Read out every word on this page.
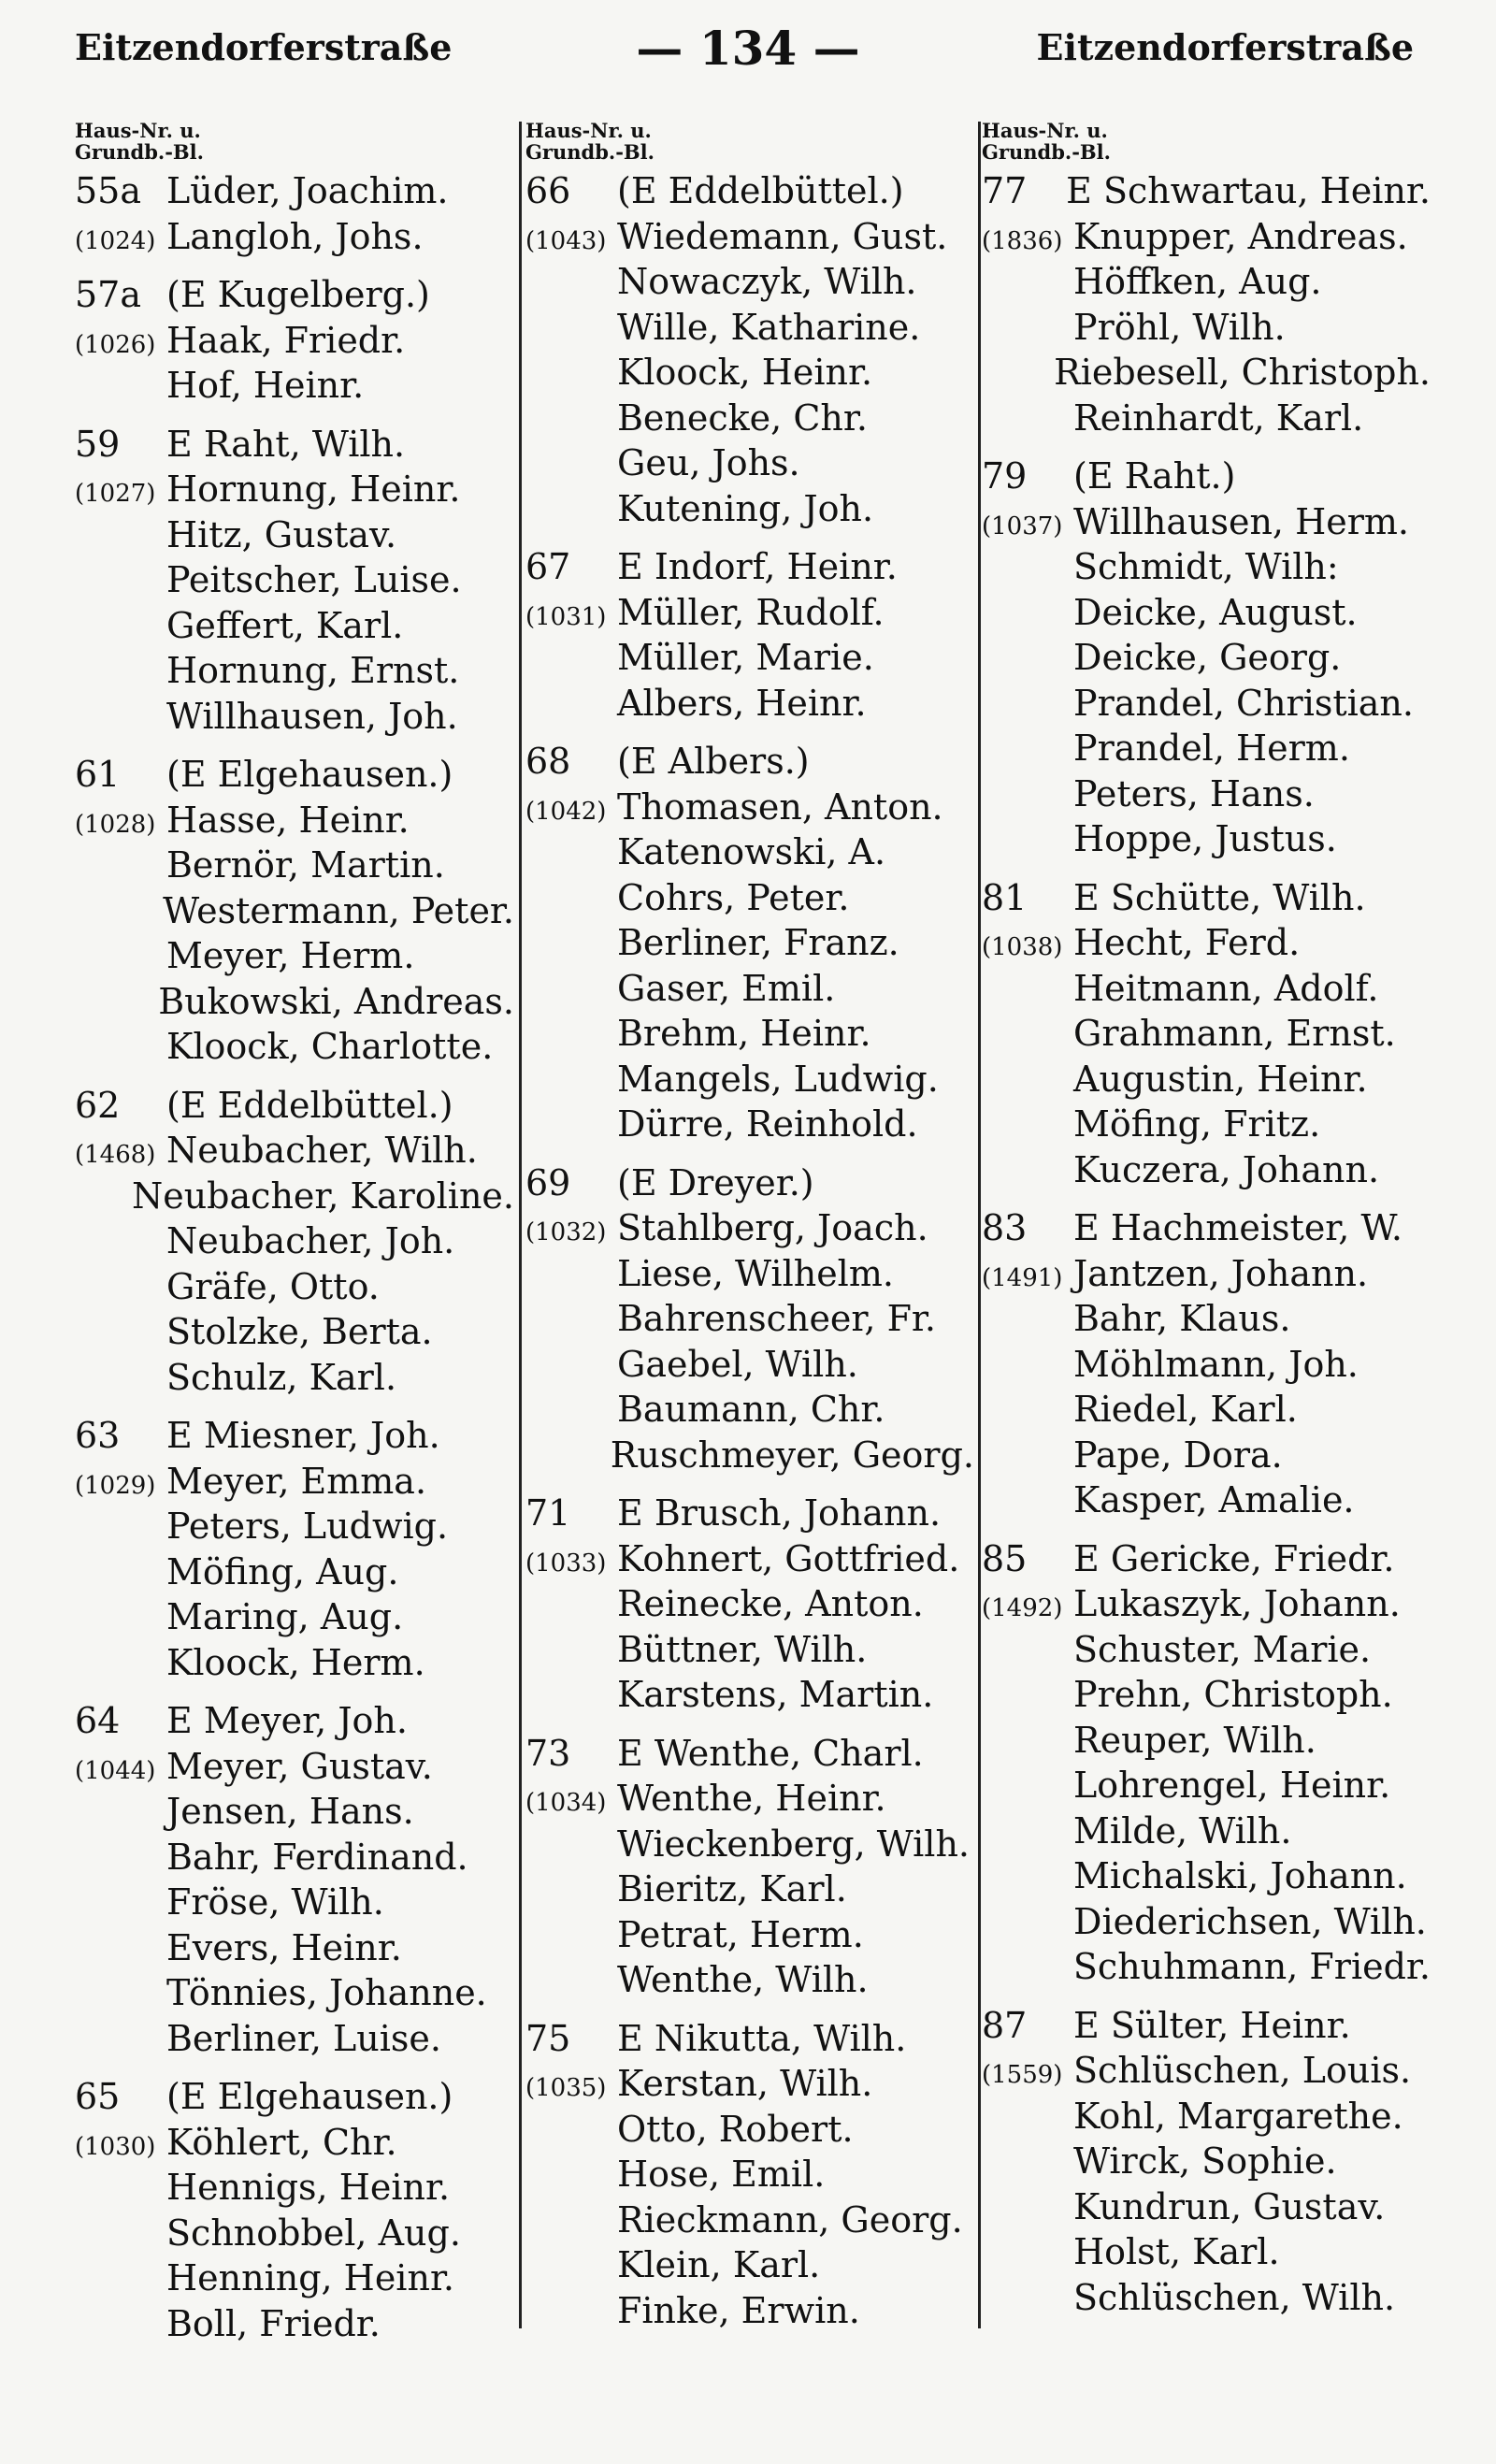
Eitzendorferstraße	— 134 —	Eitzendorferstraße
Haus-Nr. u.
Grundb.-Bl.
55a Lüder, Joachim.
(1024) Langloh, Johs.
57a (E Kugelberg.)
(1026) Haak, Friedr.
Hof, Heinr.
59	E Raht, Wilh.
(1027) Hornung, Heinr.
Hitz, Gustav.
Peitscher, Luise.
Geffert, Karl.
Hornung, Ernst.
Willhausen, Joh.
61	(E Elgehausen.)
(1028) Hasse, Heinr.
Bernör, Martin.
Westermann, Peter.
Meyer, Herm.
Bukowski, Andreas.
Kloock, Charlotte.
62	(E Eddelbüttel.)
(1468) Neubacher, Wilh.
Neubacher, Karoline.
Neubacher, Joh.
Gräfe, Otto.
Stolzke, Berta.
Schulz, Karl.
63	E Miesner, Joh.
(1029) Meyer, Emma.
Peters, Ludwig.
Möfing, Aug.
Maring, Aug.
Kloock, Herm.
64	E Meyer, Joh.
(1044) Meyer, Gustav.
Jensen, Hans.
Bahr, Ferdinand.
Fröse, Wilh.
Evers, Heinr.
Tönnies, Johanne.
Berliner, Luise.
65	(E Elgehausen.)
(1030) Köhlert, Chr.
Hennigs, Heinr.
Schnobbel, Aug.
Henning, Heinr.
Boll, Friedr.
Haus-Nr. u.
Grundb.-Bl.
66	(E Eddelbüttel.)
(1043) Wiedemann, Gust.
Nowaczyk, Wilh.
Wille, Katharine.
Kloock, Heinr.
Benecke, Chr.
Geu, Johs.
Kutening, Joh.
67	E Indorf, Heinr.
(1031) Müller, Rudolf.
Müller, Marie.
Albers, Heinr.
68	(E Albers.)
(1042) Thomasen, Anton.
Katenowski, A.
Cohrs, Peter.
Berliner, Franz.
Gaser, Emil.
Brehm, Heinr.
Mangels, Ludwig.
Dürre, Reinhold.
69	(E Dreyer.)
(1032) Stahlberg, Joach.
Liese, Wilhelm.
Bahrenscheer, Fr.
Gaebel, Wilh.
Baumann, Chr.
Ruschmeyer, Georg.
71	E Brusch, Johann.
(1033) Kohnert, Gottfried.
Reinecke, Anton.
Büttner, Wilh.
Karstens, Martin.
73	E Wenthe, Charl.
(1034) Wenthe, Heinr.
Wieckenberg, Wilh.
Bieritz, Karl.
Petrat, Herm.
Wenthe, Wilh.
75	E Nikutta, Wilh.
(1035) Kerstan, Wilh.
Otto, Robert.
Hose, Emil.
Rieckmann, Georg.
Klein, Karl.
Finke, Erwin.
Haus-Nr. u.
Grundb.-Bl.
77	E Schwartau, Heinr.
(1836) Knupper, Andreas.
Höffken, Aug.
Pröhl, Wilh.
Riebesell, Christoph.
Reinhardt, Karl.
79	(E Raht.)
(1037) Willhausen, Herm.
Schmidt, Wilh:
Deicke, August.
Deicke, Georg.
Prandel, Christian.
Prandel, Herm.
Peters, Hans.
Hoppe, Justus.
81	E Schütte, Wilh.
(1038) Hecht, Ferd.
Heitmann, Adolf.
Grahmann, Ernst.
Augustin, Heinr.
Möfing, Fritz.
Kuczera, Johann.
83	E Hachmeister, W.
(1491) Jantzen, Johann.
Bahr, Klaus.
Möhlmann, Joh.
Riedel, Karl.
Pape, Dora.
Kasper, Amalie.
85	E Gericke, Friedr.
(1492) Lukaszyk, Johann.
Schuster, Marie.
Prehn, Christoph.
Reuper, Wilh.
Lohrengel, Heinr.
Milde, Wilh.
Michalski, Johann.
Diederichsen, Wilh.
Schuhmann, Friedr.
87	E Sülter, Heinr.
(1559) Schlüschen, Louis.
Kohl, Margarethe.
Wirck, Sophie.
Kundrun, Gustav.
Holst, Karl.
Schlüschen, Wilh.
